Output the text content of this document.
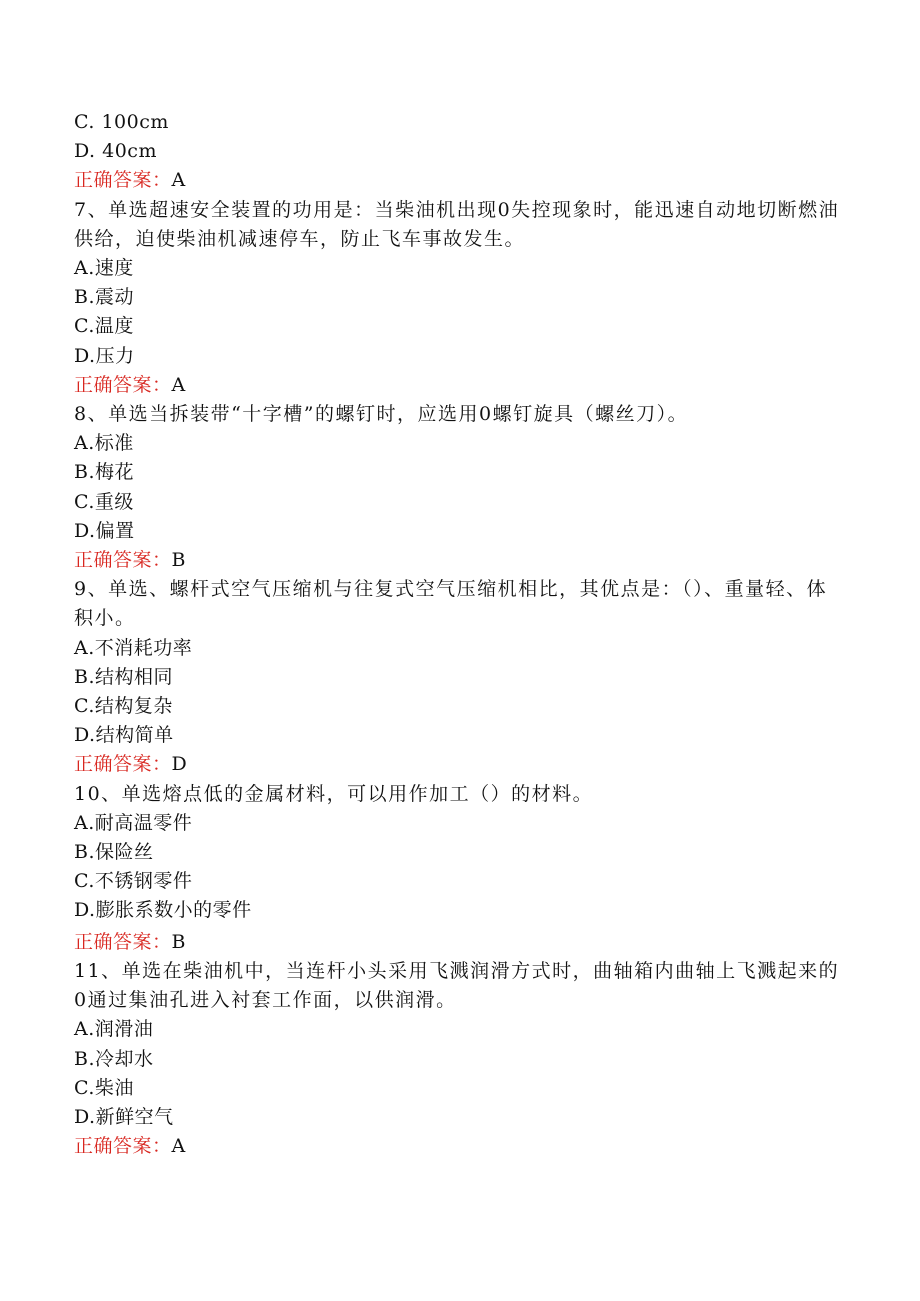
C. 100cm
D. 40cm
正确答案：A
7、单选超速安全装置的功用是：当柴油机出现0失控现象时，能迅速自动地切断燃油供给，迫使柴油机减速停车，防止飞车事故发生。
A.速度
B.震动
C.温度
D.压力
正确答案：A
8、单选当拆装带“十字槽”的螺钉时，应选用0螺钉旋具（螺丝刀）。
A.标准
B.梅花
C.重级
D.偏置
正确答案：B
9、单选、螺杆式空气压缩机与往复式空气压缩机相比，其优点是：（）、重量轻、体积小。
A.不消耗功率
B.结构相同
C.结构复杂
D.结构简单
正确答案：D
10、单选熔点低的金属材料，可以用作加工（）的材料。
A.耐高温零件
B.保险丝
C.不锈钢零件
D.膨胀系数小的零件
正确答案：B
11、单选在柴油机中，当连杆小头采用飞溅润滑方式时，曲轴箱内曲轴上飞溅起来的0通过集油孔进入衬套工作面，以供润滑。
A.润滑油
B.冷却水
C.柴油
D.新鲜空气
正确答案：A
